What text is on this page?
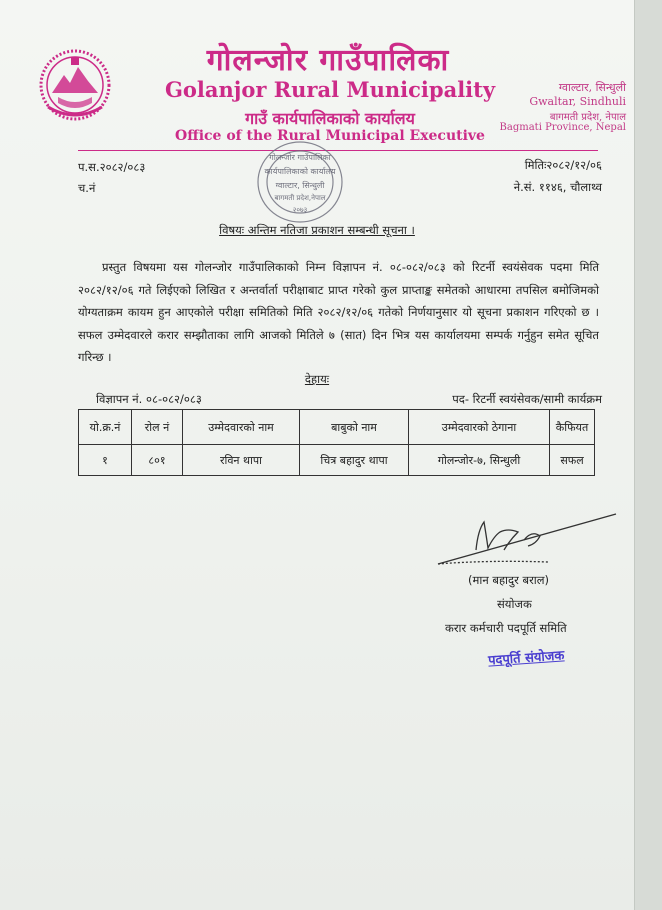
गोलन्जोर गाउँपालिका
Golanjor Rural Municipality
गाउँ कार्यपालिकाको कार्यालय
Office of the Rural Municipal Executive
ग्वाल्टार, सिन्धुली
Gwaltar, Sindhuli
बागमती प्रदेश, नेपाल
Bagmati Province, Nepal
प.स.२०८२/०८३
च.नं
मितिः२०८२/१२/०६
ने.सं. ११४६, चौलाथ्व
गोलन्जोर गाउँपालिका
कार्यपालिकाको कार्यालय
ग्वाल्टार, सिन्धुली
बागमती प्रदेश,नेपाल
२०७३
विषयः अन्तिम नतिजा प्रकाशन सम्बन्धी सूचना ।
प्रस्तुत विषयमा यस गोलन्जोर गाउँपालिकाको निम्न विज्ञापन नं. ०८-०८२/०८३ को रिटर्नी स्वयंसेवक पदमा मिति २०८२/१२/०६ गते लिईएको लिखित र अन्तर्वार्ता परीक्षाबाट प्राप्त गरेको कुल प्राप्ताङ्क समेतको आधारमा तपसिल बमोजिमको योग्यताक्रम कायम हुन आएकोले परीक्षा समितिको मिति २०८२/१२/०६ गतेको निर्णयानुसार यो सूचना प्रकाशन गरिएको छ । सफल उम्मेदवारले करार सम्झौताका लागि आजको मितिले ७ (सात) दिन भित्र यस कार्यालयमा सम्पर्क गर्नुहुन समेत सूचित गरिन्छ ।
देहायः
विज्ञापन नं. ०८-०८२/०८३	पद- रिटर्नी स्वयंसेवक/सामी कार्यक्रम
यो.क्र.नं	रोल नं	उम्मेदवारको नाम	बाबुको नाम	उम्मेदवारको ठेगाना	कैफियत
१	८०१	रविन थापा	चित्र बहादुर थापा	गोलन्जोर-७, सिन्धुली	सफल
(मान बहादुर बराल)
संयोजक
करार कर्मचारी पदपूर्ति समिति
पदपूर्ति संयोजक
